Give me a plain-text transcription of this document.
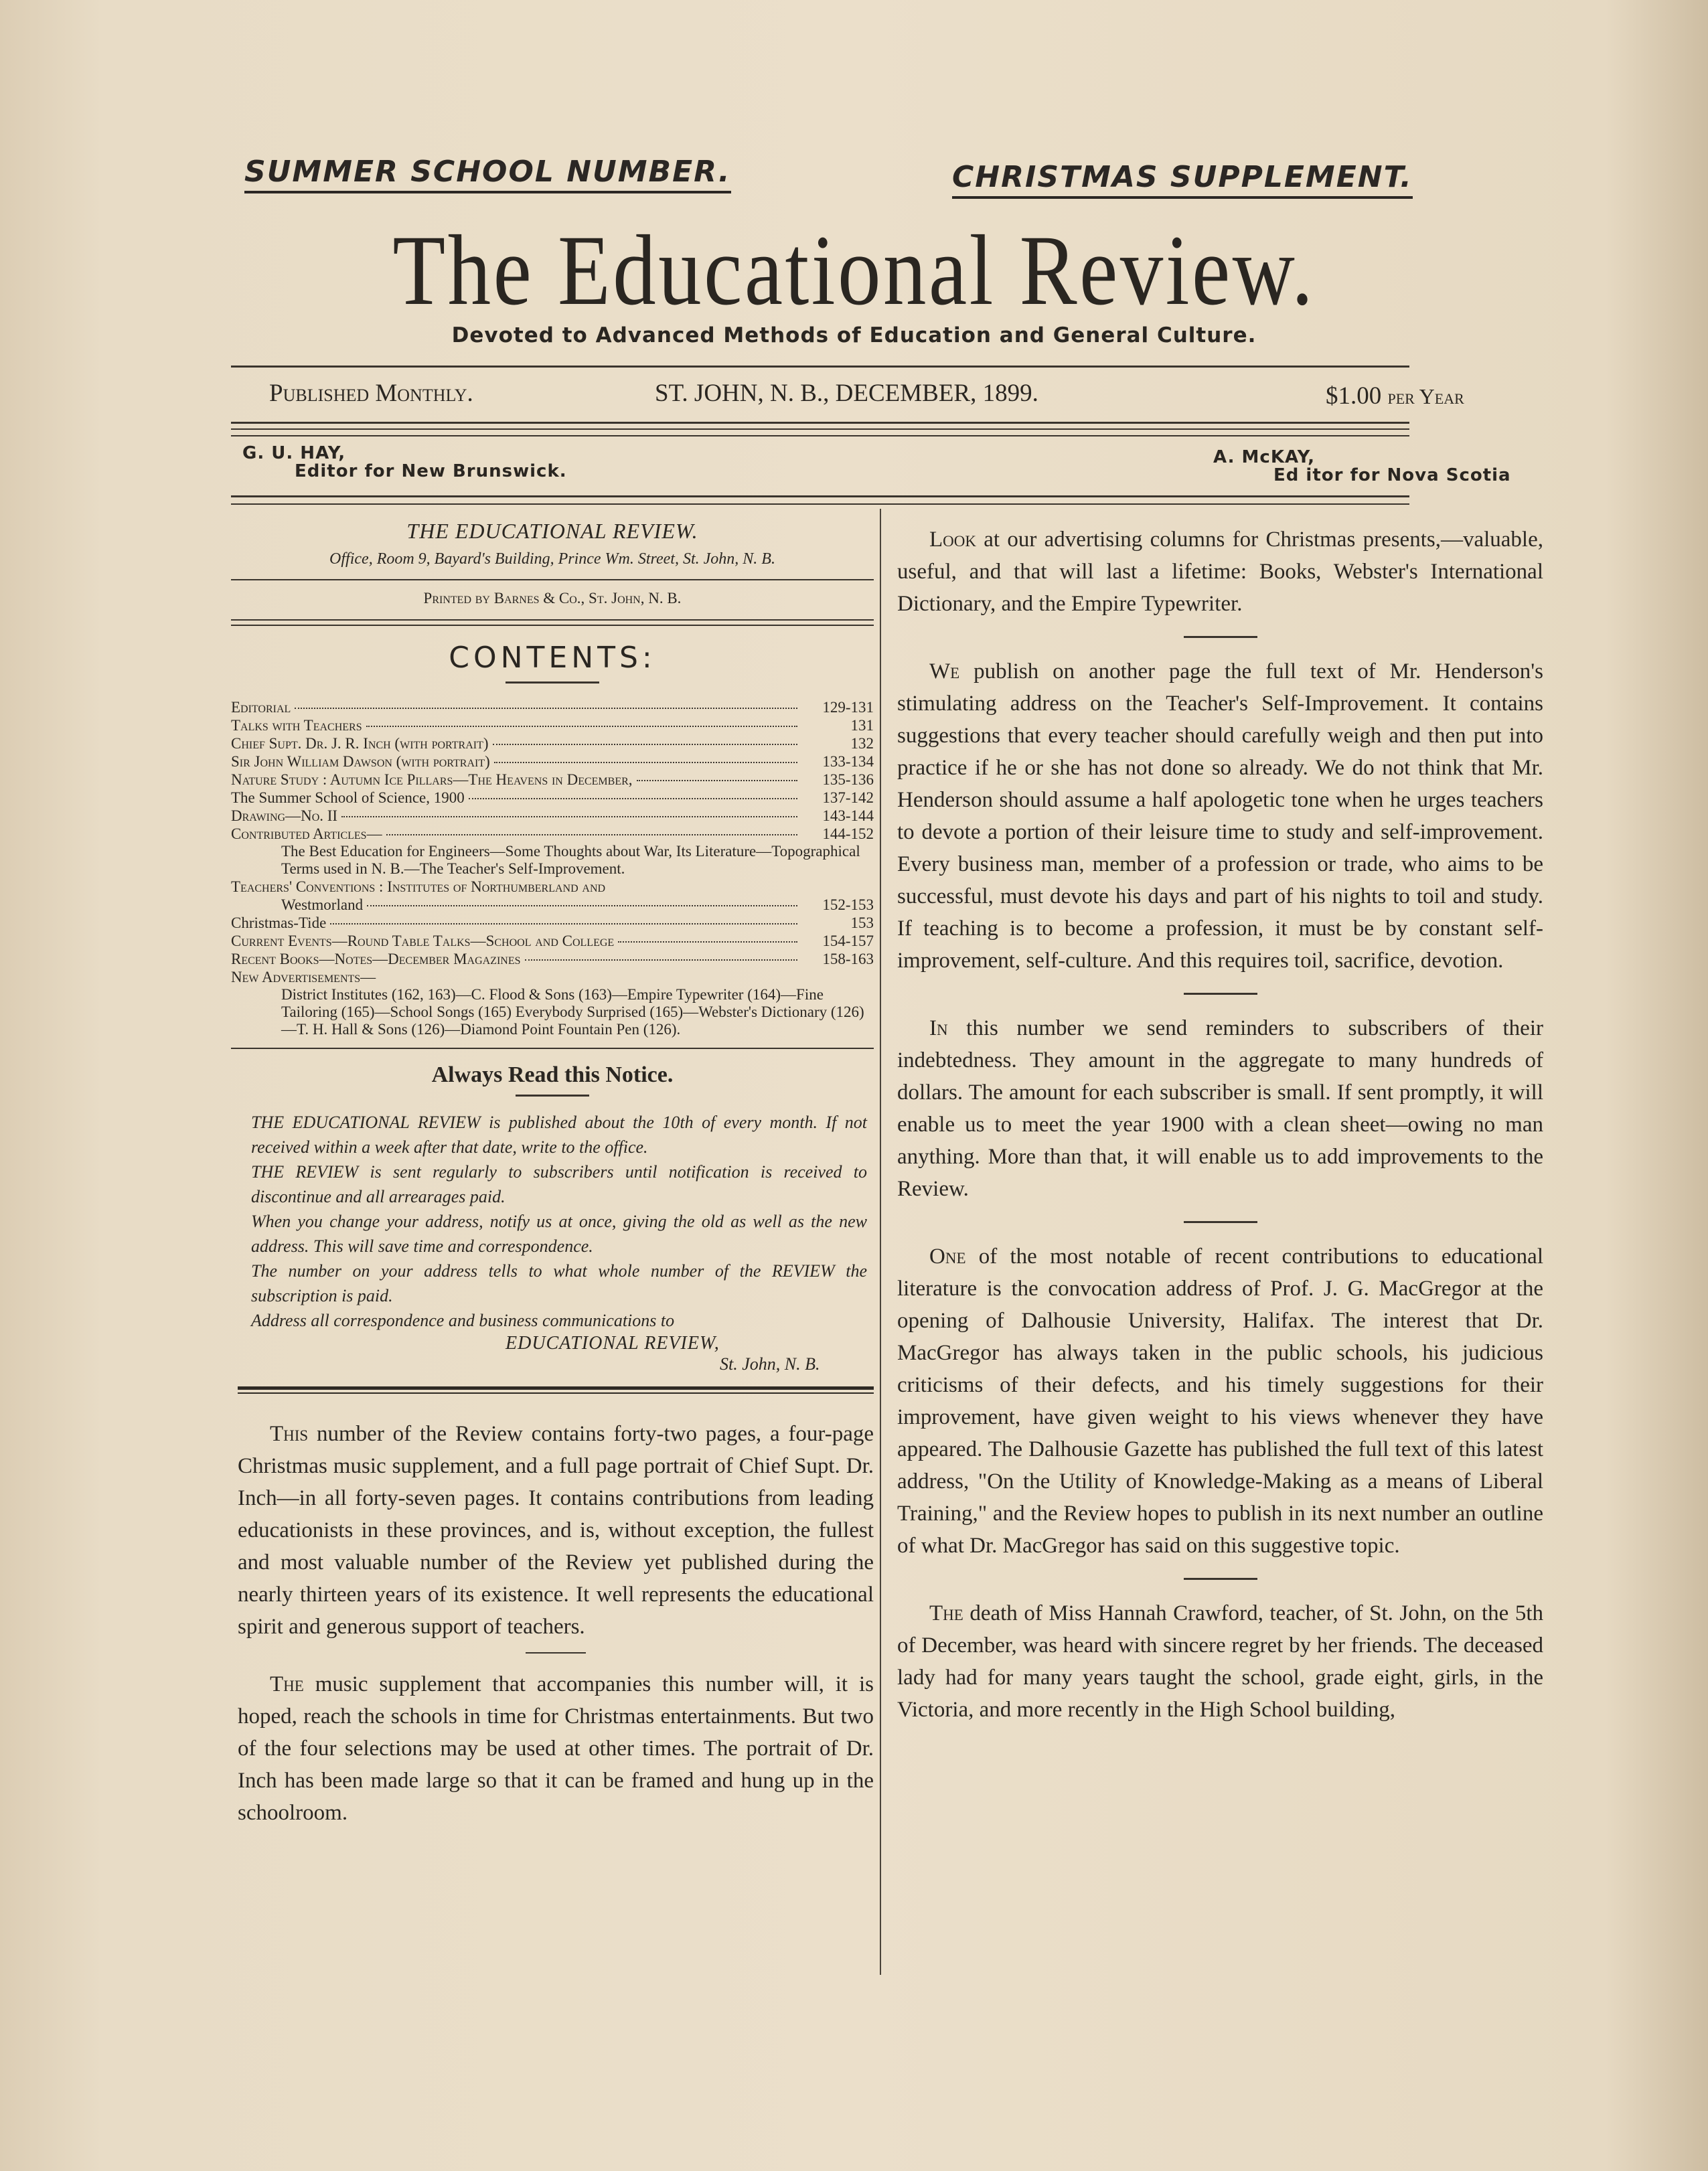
SUMMER SCHOOL NUMBER.	CHRISTMAS SUPPLEMENT.
The Educational Review.
Devoted to Advanced Methods of Education and General Culture.
Published Monthly.	ST. JOHN, N. B., DECEMBER, 1899.	$1.00 per Year
G. U. HAY,
Editor for New Brunswick.
A. McKAY,
Ed itor for Nova Scotia
THE EDUCATIONAL REVIEW.
Office, Room 9, Bayard's Building, Prince Wm. Street, St. John, N. B.
Printed by Barnes & Co., St. John, N. B.
CONTENTS:
Editorial	129-131
Talks with Teachers	131
Chief Supt. Dr. J. R. Inch (with portrait)	132
Sir John William Dawson (with portrait)	133-134
Nature Study : Autumn Ice Pillars—The Heavens in December,	135-136
The Summer School of Science, 1900	137-142
Drawing—No. II	143-144
Contributed Articles—	144-152
The Best Education for Engineers—Some Thoughts about War, Its Literature—Topographical Terms used in N. B.—The Teacher's Self-Improvement.
Teachers' Conventions : Institutes of Northumberland and
Westmorland	152-153
Christmas-Tide	153
Current Events—Round Table Talks—School and College	154-157
Recent Books—Notes—December Magazines	158-163
New Advertisements—
District Institutes (162, 163)—C. Flood & Sons (163)—Empire Typewriter (164)—Fine Tailoring (165)—School Songs (165) Everybody Surprised (165)—Webster's Dictionary (126)—T. H. Hall & Sons (126)—Diamond Point Fountain Pen (126).
Always Read this Notice.

THE EDUCATIONAL REVIEW is published about the 10th of every month. If not received within a week after that date, write to the office.

THE REVIEW is sent regularly to subscribers until notification is received to discontinue and all arrearages paid.

When you change your address, notify us at once, giving the old as well as the new address. This will save time and correspondence.

The number on your address tells to what whole number of the REVIEW the subscription is paid.

Address all correspondence and business communications to

EDUCATIONAL REVIEW,
St. John, N. B.

This number of the Review contains forty-two pages, a four-page Christmas music supplement, and a full page portrait of Chief Supt. Dr. Inch—in all forty-seven pages. It contains contributions from leading educationists in these provinces, and is, without exception, the fullest and most valuable number of the Review yet published during the nearly thirteen years of its existence. It well represents the educational spirit and generous support of teachers.

The music supplement that accompanies this number will, it is hoped, reach the schools in time for Christmas entertainments. But two of the four selections may be used at other times. The portrait of Dr. Inch has been made large so that it can be framed and hung up in the schoolroom.

Look at our advertising columns for Christmas presents,—valuable, useful, and that will last a lifetime: Books, Webster's International Dictionary, and the Empire Typewriter.

We publish on another page the full text of Mr. Henderson's stimulating address on the Teacher's Self-Improvement. It contains suggestions that every teacher should carefully weigh and then put into practice if he or she has not done so already. We do not think that Mr. Henderson should assume a half apologetic tone when he urges teachers to devote a portion of their leisure time to study and self-improvement. Every business man, member of a profession or trade, who aims to be successful, must devote his days and part of his nights to toil and study. If teaching is to become a profession, it must be by constant self-improvement, self-culture. And this requires toil, sacrifice, devotion.

In this number we send reminders to subscribers of their indebtedness. They amount in the aggregate to many hundreds of dollars. The amount for each subscriber is small. If sent promptly, it will enable us to meet the year 1900 with a clean sheet—owing no man anything. More than that, it will enable us to add improvements to the Review.

One of the most notable of recent contributions to educational literature is the convocation address of Prof. J. G. MacGregor at the opening of Dalhousie University, Halifax. The interest that Dr. MacGregor has always taken in the public schools, his judicious criticisms of their defects, and his timely suggestions for their improvement, have given weight to his views whenever they have appeared. The Dalhousie Gazette has published the full text of this latest address, "On the Utility of Knowledge-Making as a means of Liberal Training," and the Review hopes to publish in its next number an outline of what Dr. MacGregor has said on this suggestive topic.

The death of Miss Hannah Crawford, teacher, of St. John, on the 5th of December, was heard with sincere regret by her friends. The deceased lady had for many years taught the school, grade eight, girls, in the Victoria, and more recently in the High School building,
